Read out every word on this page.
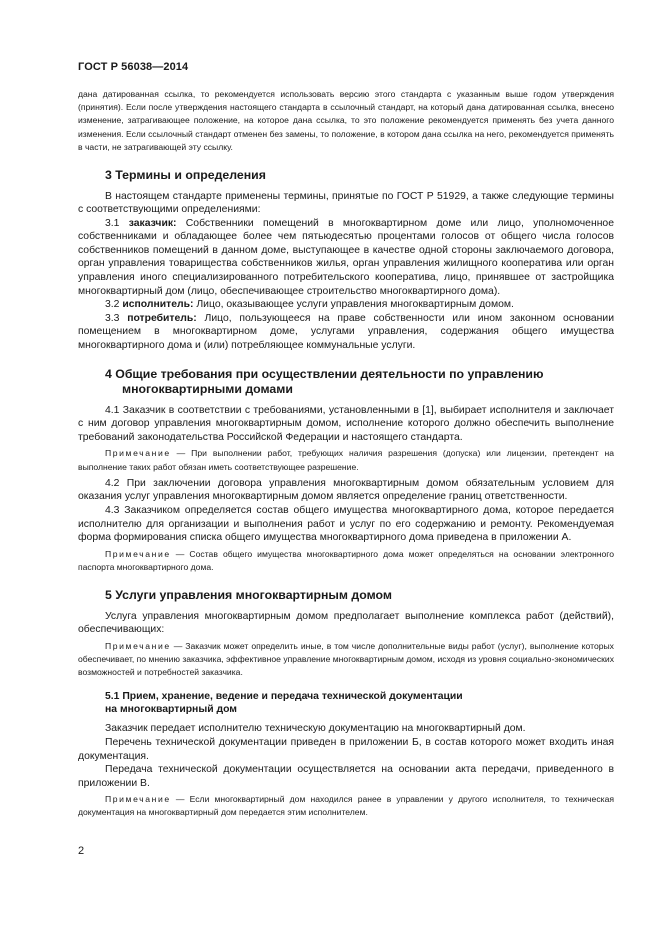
ГОСТ Р 56038—2014

дана датированная ссылка, то рекомендуется использовать версию этого стандарта с указанным выше годом утверждения (принятия). Если после утверждения настоящего стандарта в ссылочный стандарт, на который дана датированная ссылка, внесено изменение, затрагивающее положение, на которое дана ссылка, то это положение рекомендуется применять без учета данного изменения. Если ссылочный стандарт отменен без замены, то положение, в котором дана ссылка на него, рекомендуется применять в части, не затрагивающей эту ссылку.

3 Термины и определения

В настоящем стандарте применены термины, принятые по ГОСТ Р 51929, а также следующие термины с соответствующими определениями:

3.1 заказчик: Собственники помещений в многоквартирном доме или лицо, уполномоченное собственниками и обладающее более чем пятьюдесятью процентами голосов от общего числа голосов собственников помещений в данном доме, выступающее в качестве одной стороны заключаемого договора, орган управления товарищества собственников жилья, орган управления жилищного кооператива или орган управления иного специализированного потребительского кооператива, лицо, принявшее от застройщика многоквартирный дом (лицо, обеспечивающее строительство многоквартирного дома).

3.2 исполнитель: Лицо, оказывающее услуги управления многоквартирным домом.

3.3 потребитель: Лицо, пользующееся на праве собственности или ином законном основании помещением в многоквартирном доме, услугами управления, содержания общего имущества многоквартирного дома и (или) потребляющее коммунальные услуги.

4 Общие требования при осуществлении деятельности по управлению
многоквартирными домами

4.1 Заказчик в соответствии с требованиями, установленными в [1], выбирает исполнителя и заключает с ним договор управления многоквартирным домом, исполнение которого должно обеспечить выполнение требований законодательства Российской Федерации и настоящего стандарта.

Примечание — При выполнении работ, требующих наличия разрешения (допуска) или лицензии, претендент на выполнение таких работ обязан иметь соответствующее разрешение.

4.2 При заключении договора управления многоквартирным домом обязательным условием для оказания услуг управления многоквартирным домом является определение границ ответственности.

4.3 Заказчиком определяется состав общего имущества многоквартирного дома, которое передается исполнителю для организации и выполнения работ и услуг по его содержанию и ремонту. Рекомендуемая форма формирования списка общего имущества многоквартирного дома приведена в приложении А.

Примечание — Состав общего имущества многоквартирного дома может определяться на основании электронного паспорта многоквартирного дома.

5 Услуги управления многоквартирным домом

Услуга управления многоквартирным домом предполагает выполнение комплекса работ (действий), обеспечивающих:

Примечание — Заказчик может определить иные, в том числе дополнительные виды работ (услуг), выполнение которых обеспечивает, по мнению заказчика, эффективное управление многоквартирным домом, исходя из уровня социально-экономических возможностей и потребностей заказчика.

5.1 Прием, хранение, ведение и передача технической документации
на многоквартирный дом

Заказчик передает исполнителю техническую документацию на многоквартирный дом.

Перечень технической документации приведен в приложении Б, в состав которого может входить иная документация.

Передача технической документации осуществляется на основании акта передачи, приведенного в приложении В.

Примечание — Если многоквартирный дом находился ранее в управлении у другого исполнителя, то техническая документация на многоквартирный дом передается этим исполнителем.

2
